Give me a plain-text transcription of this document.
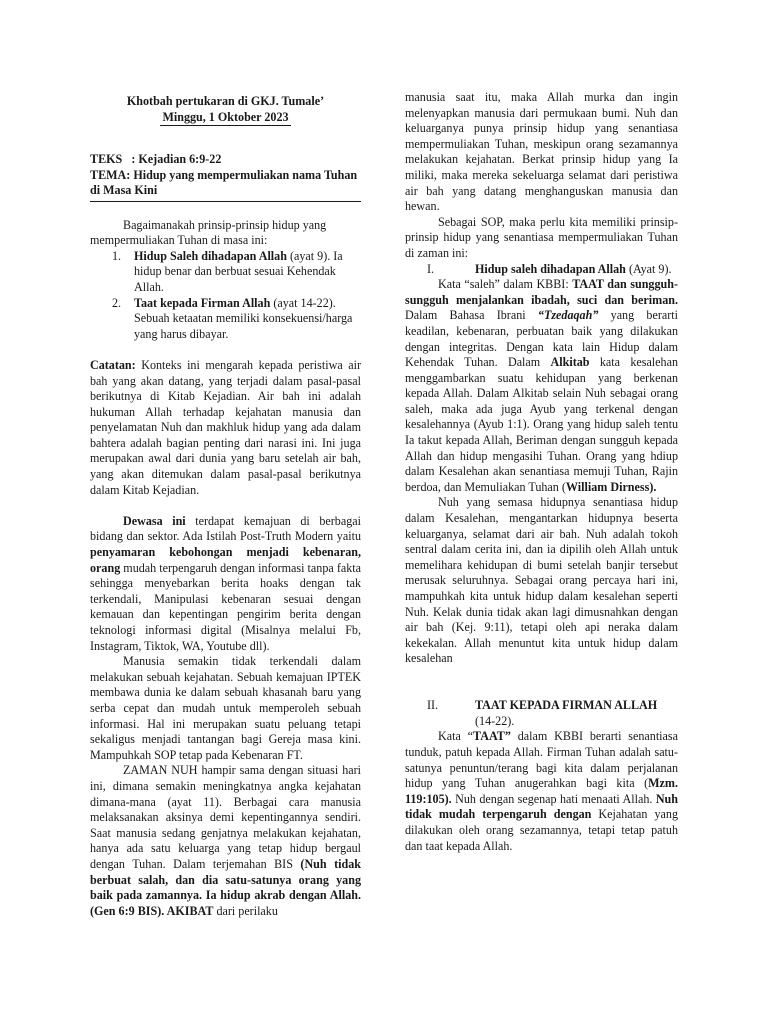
Khotbah pertukaran di GKJ. Tumale’
Minggu, 1 Oktober 2023

TEKS   : Kejadian 6:9-22

TEMA: Hidup yang mempermuliakan nama Tuhan di Masa Kini

Bagaimanakah prinsip-prinsip hidup yang mempermuliakan Tuhan di masa ini:

1. Hidup Saleh dihadapan Allah (ayat 9). Ia hidup benar dan berbuat sesuai Kehendak Allah.
2. Taat kepada Firman Allah (ayat 14-22). Sebuah ketaatan memiliki konsekuensi/harga yang harus dibayar.

Catatan: Konteks ini mengarah kepada peristiwa air bah yang akan datang, yang terjadi dalam pasal-pasal berikutnya di Kitab Kejadian. Air bah ini adalah hukuman Allah terhadap kejahatan manusia dan penyelamatan Nuh dan makhluk hidup yang ada dalam bahtera adalah bagian penting dari narasi ini. Ini juga merupakan awal dari dunia yang baru setelah air bah, yang akan ditemukan dalam pasal-pasal berikutnya dalam Kitab Kejadian.

Dewasa ini terdapat kemajuan di berbagai bidang dan sektor. Ada Istilah Post-Truth Modern yaitu penyamaran kebohongan menjadi kebenaran, orang mudah terpengaruh dengan informasi tanpa fakta sehingga menyebarkan berita hoaks dengan tak terkendali, Manipulasi kebenaran sesuai dengan kemauan dan kepentingan pengirim berita dengan teknologi informasi digital (Misalnya melalui Fb, Instagram, Tiktok, WA, Youtube dll).

Manusia semakin tidak terkendali dalam melakukan sebuah kejahatan. Sebuah kemajuan IPTEK membawa dunia ke dalam sebuah khasanah baru yang serba cepat dan mudah untuk memperoleh sebuah informasi. Hal ini merupakan suatu peluang tetapi sekaligus menjadi tantangan bagi Gereja masa kini. Mampuhkah SOP tetap pada Kebenaran FT.

ZAMAN NUH hampir sama dengan situasi hari ini, dimana semakin meningkatnya angka kejahatan dimana-mana (ayat 11). Berbagai cara manusia melaksanakan aksinya demi kepentingannya sendiri. Saat manusia sedang genjatnya melakukan kejahatan, hanya ada satu keluarga yang tetap hidup bergaul dengan Tuhan. Dalam terjemahan BIS (Nuh tidak berbuat salah, dan dia satu-satunya orang yang baik pada zamannya. Ia hidup akrab dengan Allah. (Gen 6:9 BIS). AKIBAT dari perilaku

manusia saat itu, maka Allah murka dan ingin melenyapkan manusia dari permukaan bumi. Nuh dan keluarganya punya prinsip hidup yang senantiasa mempermuliakan Tuhan, meskipun orang sezamannya melakukan kejahatan. Berkat prinsip hidup yang Ia miliki, maka mereka sekeluarga selamat dari peristiwa air bah yang datang menghanguskan manusia dan hewan.

Sebagai SOP, maka perlu kita memiliki prinsip-prinsip hidup yang senantiasa mempermuliakan Tuhan di zaman ini:

I.	Hidup saleh dihadapan Allah (Ayat 9).

Kata “saleh” dalam KBBI: TAAT dan sungguh-sungguh menjalankan ibadah, suci dan beriman. Dalam Bahasa Ibrani “Tzedaqah” yang berarti keadilan, kebenaran, perbuatan baik yang dilakukan dengan integritas. Dengan kata lain Hidup dalam Kehendak Tuhan. Dalam Alkitab kata kesalehan menggambarkan suatu kehidupan yang berkenan kepada Allah. Dalam Alkitab selain Nuh sebagai orang saleh, maka ada juga Ayub yang terkenal dengan kesalehannya (Ayub 1:1). Orang yang hidup saleh tentu Ia takut kepada Allah, Beriman dengan sungguh kepada Allah dan hidup mengasihi Tuhan. Orang yang hdiup dalam Kesalehan akan senantiasa memuji Tuhan, Rajin berdoa, dan Memuliakan Tuhan (William Dirness).

Nuh yang semasa hidupnya senantiasa hidup dalam Kesalehan, mengantarkan hidupnya beserta keluarganya, selamat dari air bah. Nuh adalah tokoh sentral dalam cerita ini, dan ia dipilih oleh Allah untuk memelihara kehidupan di bumi setelah banjir tersebut merusak seluruhnya. Sebagai orang percaya hari ini, mampuhkah kita untuk hidup dalam kesalehan seperti Nuh. Kelak dunia tidak akan lagi dimusnahkan dengan air bah (Kej. 9:11), tetapi oleh api neraka dalam kekekalan. Allah menuntut kita untuk hidup dalam kesalehan

II.	TAAT KEPADA FIRMAN ALLAH (14-22).

Kata “TAAT” dalam KBBI berarti senantiasa tunduk, patuh kepada Allah. Firman Tuhan adalah satu-satunya penuntun/terang bagi kita dalam perjalanan hidup yang Tuhan anugerahkan bagi kita (Mzm. 119:105). Nuh dengan segenap hati menaati Allah. Nuh tidak mudah terpengaruh dengan Kejahatan yang dilakukan oleh orang sezamannya, tetapi tetap patuh dan taat kepada Allah.
